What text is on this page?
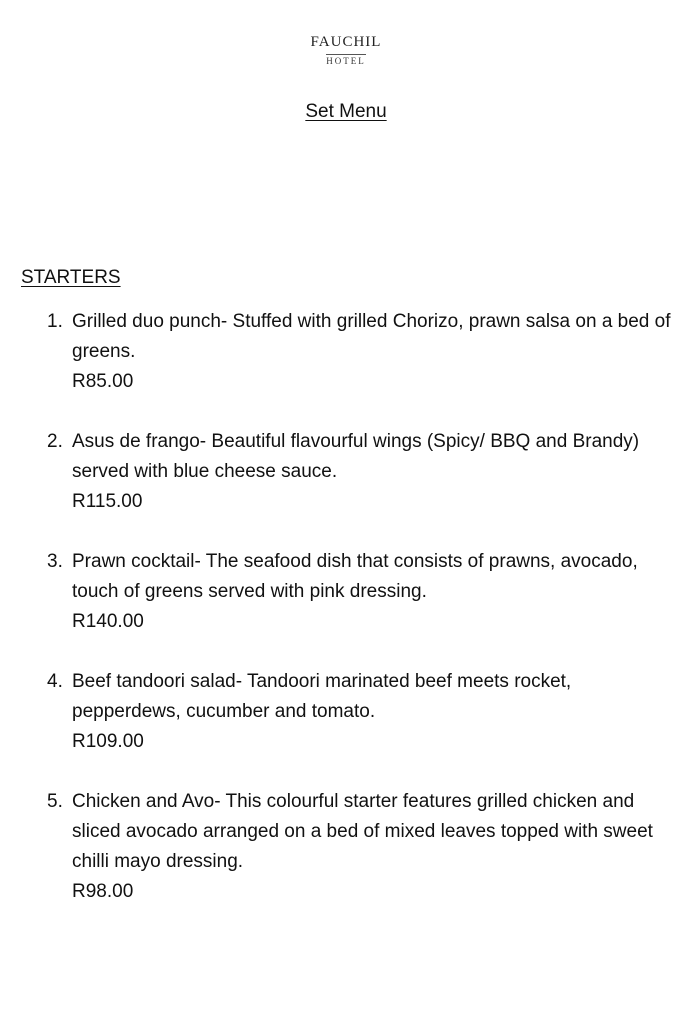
FAUCHIL
HOTEL
Set Menu
STARTERS
1. Grilled duo punch- Stuffed with grilled Chorizo, prawn salsa on a bed of greens.
R85.00
2. Asus de frango- Beautiful flavourful wings (Spicy/ BBQ and Brandy) served with blue cheese sauce.
R115.00
3. Prawn cocktail- The seafood dish that consists of prawns, avocado, touch of greens served with pink dressing.
R140.00
4. Beef tandoori salad- Tandoori marinated beef meets rocket, pepperdews, cucumber and tomato.
R109.00
5. Chicken and Avo- This colourful starter features grilled chicken and sliced avocado arranged on a bed of mixed leaves topped with sweet chilli mayo dressing.
R98.00
